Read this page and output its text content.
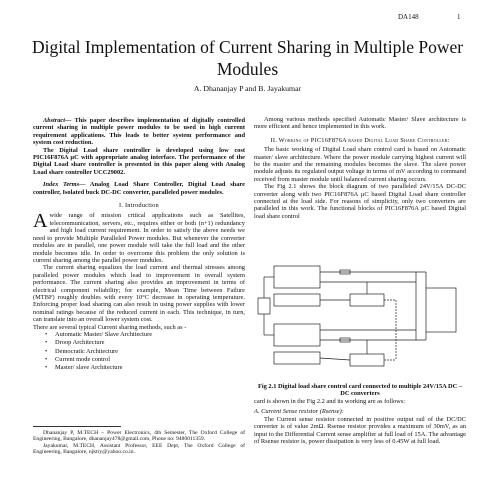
DA148	1
Digital Implementation of Current Sharing in Multiple Power Modules
A. Dhananjay P and B. Jayakumar
Abstract— This paper describes implementation of digitally controlled current sharing in multiple power modules to be used in high current requirement applications. This leads to better system performance and system cost reduction.
The Digital Load share controller is developed using low cost PIC16F876A µC with appropriate analog interface. The performance of the Digital Load share controller is presented in this paper along with Analog Load share controller UCC29002.
Index Terms— Analog Load Share Controller, Digital Load share controller, Isolated buck DC-DC converter, paralleled power modules.
I. Introduction
Awide range of mission critical applications such as Satellites, telecommunication, servers, etc., requires either or both (n+1) redundancy and high load current requirement. In order to satisfy the above needs we need to provide Multiple Paralleled Power modules. But whenever the converter modules are in parallel, one power module will take the full load and the other module becomes idle. In order to overcome this problem the only solution is current sharing among the parallel power modules.
The current sharing equalizes the load current and thermal stresses among paralleled power modules which lead to improvement in overall system performance. The current sharing also provides an improvement in terms of electrical component reliability; for example, Mean Time between Failure (MTBF) roughly doubles with every 10°C decrease in operating temperature. Enforcing proper load sharing can also result in using power supplies with lower nominal ratings because of the reduced current in each. This technique, in turn, can translate into an overall lower system cost.
There are several typical Current sharing methods, such as -
• Automatic Master/ Slave Architecture
• Droop Architecture
• Democratic Architecture
• Current mode control
• Master/ slave Architecture
Dhananjay P, M.TECH – Power Electronics, 4th Semester, The Oxford College of Engineering, Bangalore, dhananjay478@gmail.com, Phone no: 9480011359.
Jayakumar, M.TECH, Assistant Professor, EEE Dept, The Oxford College of Engineering, Bangalore, njktry@yahoo.co.in.
Among various methods specified Automatic Master/ Slave architecture is more efficient and hence implemented in this work.
II. Working of PIC16F876A based Digital Load Share Controller:
The basic working of Digital Load share control card is based on Automatic master/ slave architecture. Where the power module carrying highest current will be the master and the remaining modules becomes the slave. The slave power module adjusts its regulated output voltage in terms of mV according to command received from master module until balanced current sharing occurs.
The Fig 2.1 shows the block diagram of two paralleled 24V/15A DC-DC converter along with two PIC16F876A µC based Digital Load share controller connected at the load side. For reasons of simplicity, only two converters are paralleled in this work. The functional blocks of PIC16F876A µC based Digital load share control
Fig 2.1 Digital load share control card connected to multiple 24V/15A DC – DC converters
card is shown in the Fig 2.2 and its working are as follows:
A. Current Sense resistor (Rsense):
The Current sense resistor connected in positive output rail of the DC/DC converter is of value 2mΩ. Rsense resistor provides a maximum of 30mV, as an input to the Differential Current sense amplifier at full load of 15A. The advantage of Rsense resistor is, power dissipation is very less of 0.45W at full load.
